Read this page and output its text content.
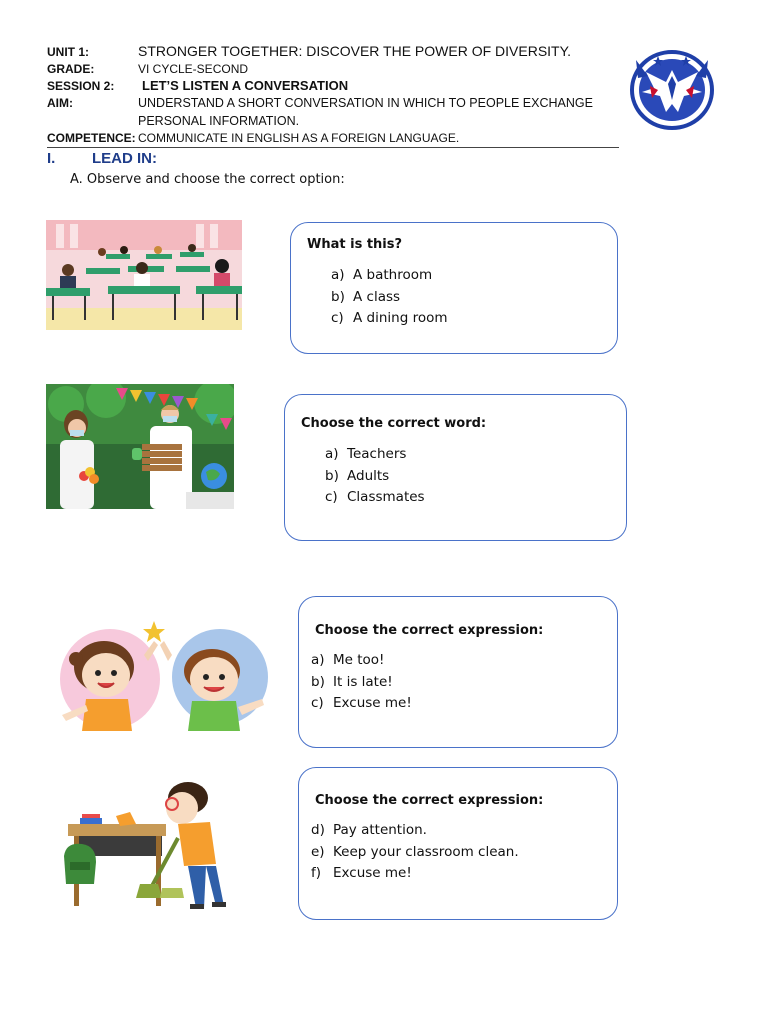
UNIT 1:	STRONGER TOGETHER: DISCOVER THE POWER OF DIVERSITY.
GRADE:	VI CYCLE-SECOND
SESSION 2: LET’S LISTEN A CONVERSATION
AIM:	UNDERSTAND A SHORT CONVERSATION IN WHICH TO PEOPLE EXCHANGE
PERSONAL INFORMATION.
COMPETENCE: COMMUNICATE IN ENGLISH AS A FOREIGN LANGUAGE.
I. LEAD IN:
A. Observe and choose the correct option:
What is this?
a) A bathroom
b) A class
c) A dining room
Choose the correct word:
a) Teachers
b) Adults
c) Classmates
Choose the correct expression:
a) Me too!
b) It is late!
c) Excuse me!
Choose the correct expression:
d) Pay attention.
e) Keep your classroom clean.
f) Excuse me!
